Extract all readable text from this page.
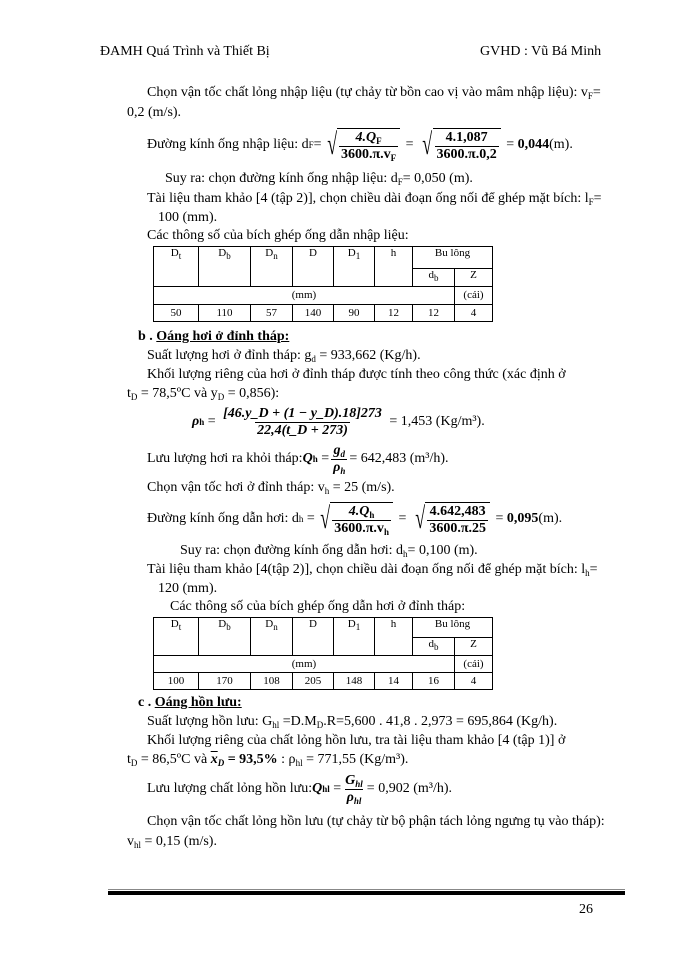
ĐAMH Quá Trình và Thiết Bị	GVHD : Vũ Bá Minh
Chọn vận tốc chất lỏng nhập liệu (tự chảy từ bồn cao vị vào mâm nhập liệu): $v_F=$
0,2 (m/s).
Đường kính ống nhập liệu: d F = √ $\frac{4.Q_F}{3600.\pi.v_F}$ = √ $\frac{4.1,087}{3600.\pi.0,2} = 0,044$ (m).
Suy ra: chọn đường kính ống nhập liệu: $d_F= 0,050$ (m).
Tài liệu tham khảo [4 (tập 2)], chọn chiều dài đoạn ống nối để ghép mặt bích: $l_F=$
100 (mm).
Các thông số của bích ghép ống dẫn nhập liệu:
$D_t$	$D_b$	$D_n$	D	$D_1$	h	Bu lông	
						$d_b$	Z
(mm)							(cái)
50	110	57	140	90	12	12	4
b . Oáng hơi ở đỉnh tháp:
Suất lượng hơi ở đỉnh tháp: $g_d = 933,662$ (Kg/h).
Khối lượng riêng của hơi ở đỉnh tháp được tính theo công thức (xác định ở
$t_D$ = 78,5ºC và $y_D = 0,856$):
ρ $h = \frac{[46.y\_D + (1 - y\_D).18]273}{22,4(t\_D + 273)}$
= 1,453 (Kg/m³).
Lưu lượng hơi ra khỏi tháp: Q $h = \frac{g_d}{\rho_h} = 642,483$ (m³/h).
Chọn vận tốc hơi ở đỉnh tháp: $v_h = 25$ (m/s).
Đường kính ống dẫn hơi: d h = √ $\frac{4.Q_h}{3600.\pi.v_h}$ = √ $\frac{4.642,483}{3600.\pi.25} = 0,095$ (m).
Suy ra: chọn đường kính ống dẫn hơi: $d_h= 0,100$ (m).
Tài liệu tham khảo [4(tập 2)], chọn chiều dài đoạn ống nối để ghép mặt bích: $l_h=$
120 (mm).
Các thông số của bích ghép ống dẫn hơi ở đỉnh tháp:
$D_t$	$D_b$	$D_n$	D	$D_1$	h	Bu lông	
						$d_b$	Z
(mm)							(cái)
100	170	108	205	148	14	16	4
c . Oáng hồn lưu:
Suất lượng hồn lưu: $G_{hl} =D.M_D.R=5,600$ . 41,8 . 2,973 = 695,864 (Kg/h).
Khối lượng riêng của chất lỏng hồn lưu, tra tài liệu tham khảo [4 (tập 1)] ở
$t_D$ = 86,5ºC và $\overline{x}_D = 93,5\%$ : $\rho_{hl} = 771,55$ (Kg/m³).
Lưu lượng chất lỏng hồn lưu: Q hl = $\frac{G_{hl}}{\rho_{hl}} = 0,902$ (m³/h).
Chọn vận tốc chất lỏng hồn lưu (tự chảy từ bộ phận tách lỏng ngưng tụ vào tháp):
$v_{hl} = 0,15$ (m/s).
26
